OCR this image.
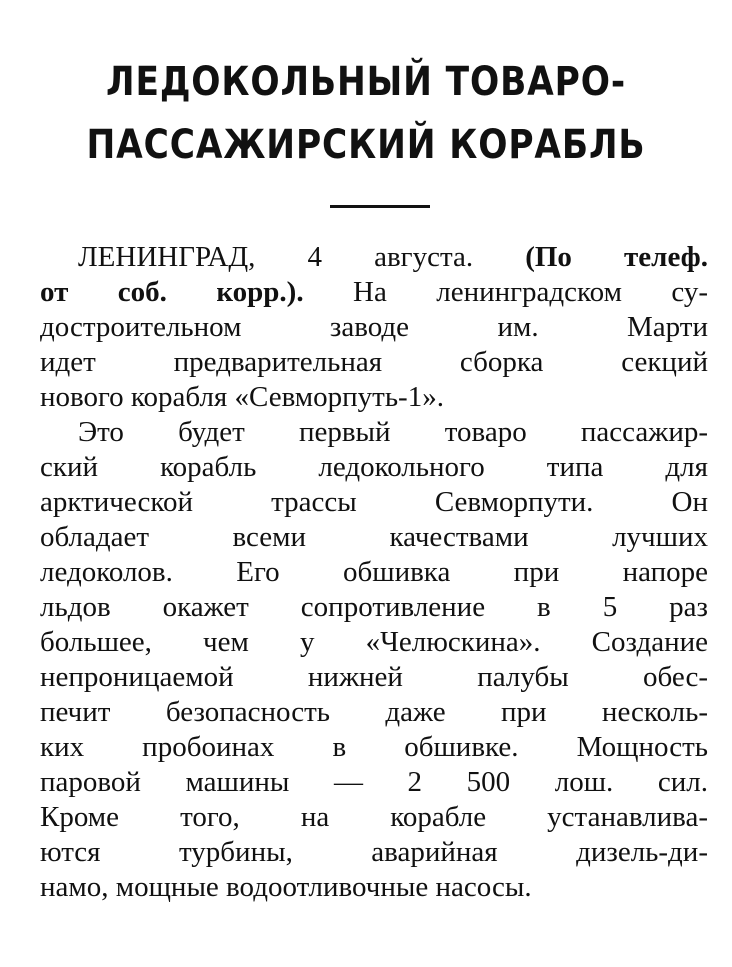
ЛЕДОКОЛЬНЫЙ ТОВАРО-
ПАССАЖИРСКИЙ КОРАБЛЬ
ЛЕНИНГРАД, 4 августа. (По телеф.
от соб. корр.). На ленинградском су-
достроительном заводе им. Марти
идет предварительная сборка секций
нового корабля «Севморпуть-1».
Это будет первый товаро пассажир-
ский корабль ледокольного типа для
арктической трассы Севморпути. Он
обладает всеми качествами лучших
ледоколов. Его обшивка при напоре
льдов окажет сопротивление в 5 раз
большее, чем у «Челюскина». Создание
непроницаемой нижней палубы обес-
печит безопасность даже при несколь-
ких пробоинах в обшивке. Мощность
паровой машины — 2 500 лош. сил.
Кроме того, на корабле устанавлива-
ются турбины, аварийная дизель-ди-
намо, мощные водоотливочные насосы.
